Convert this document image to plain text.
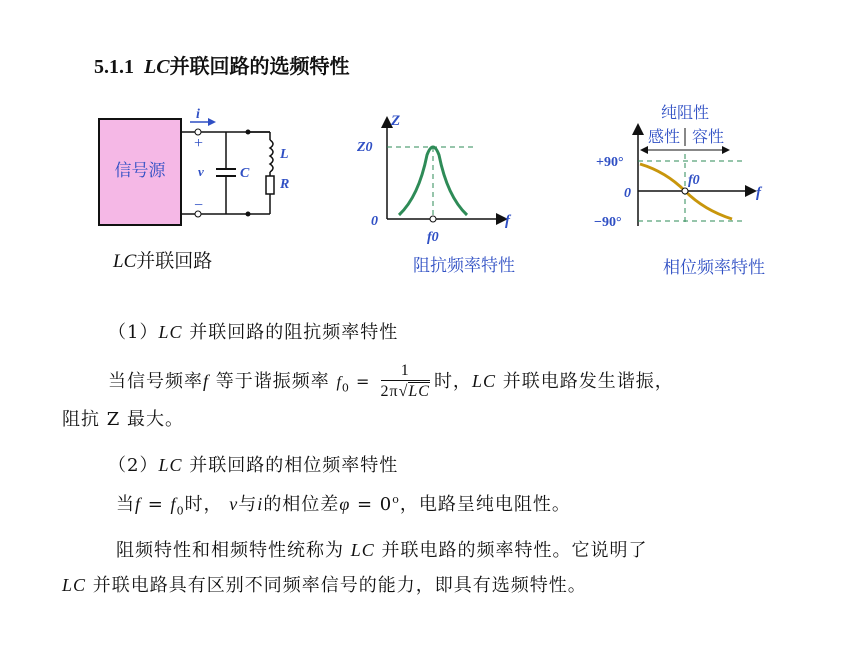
5.1.1 LC并联回路的选频特性
信号源
i
+
−
v	C
L
R
LC并联回路
Z
f
0
Z0
f0
阻抗频率特性
纯阻性
感性 容性
+90°
−90°
0	f
f0
相位频率特性
（1）LC 并联回路的阻抗频率特性
当信号频率f 等于谐振频率 $f_0 = \frac{1}{2\pi√LC}$ 时，LC 并联电路发生谐振，
阻抗 Z 最大。
（2）LC 并联回路的相位频率特性
当$f = f_0$时， v与i的相位差$\varphi = 0^o$，电路呈纯电阻性。
阻频特性和相频特性统称为 LC 并联电路的频率特性。它说明了
LC 并联电路具有区别不同频率信号的能力，即具有选频特性。
